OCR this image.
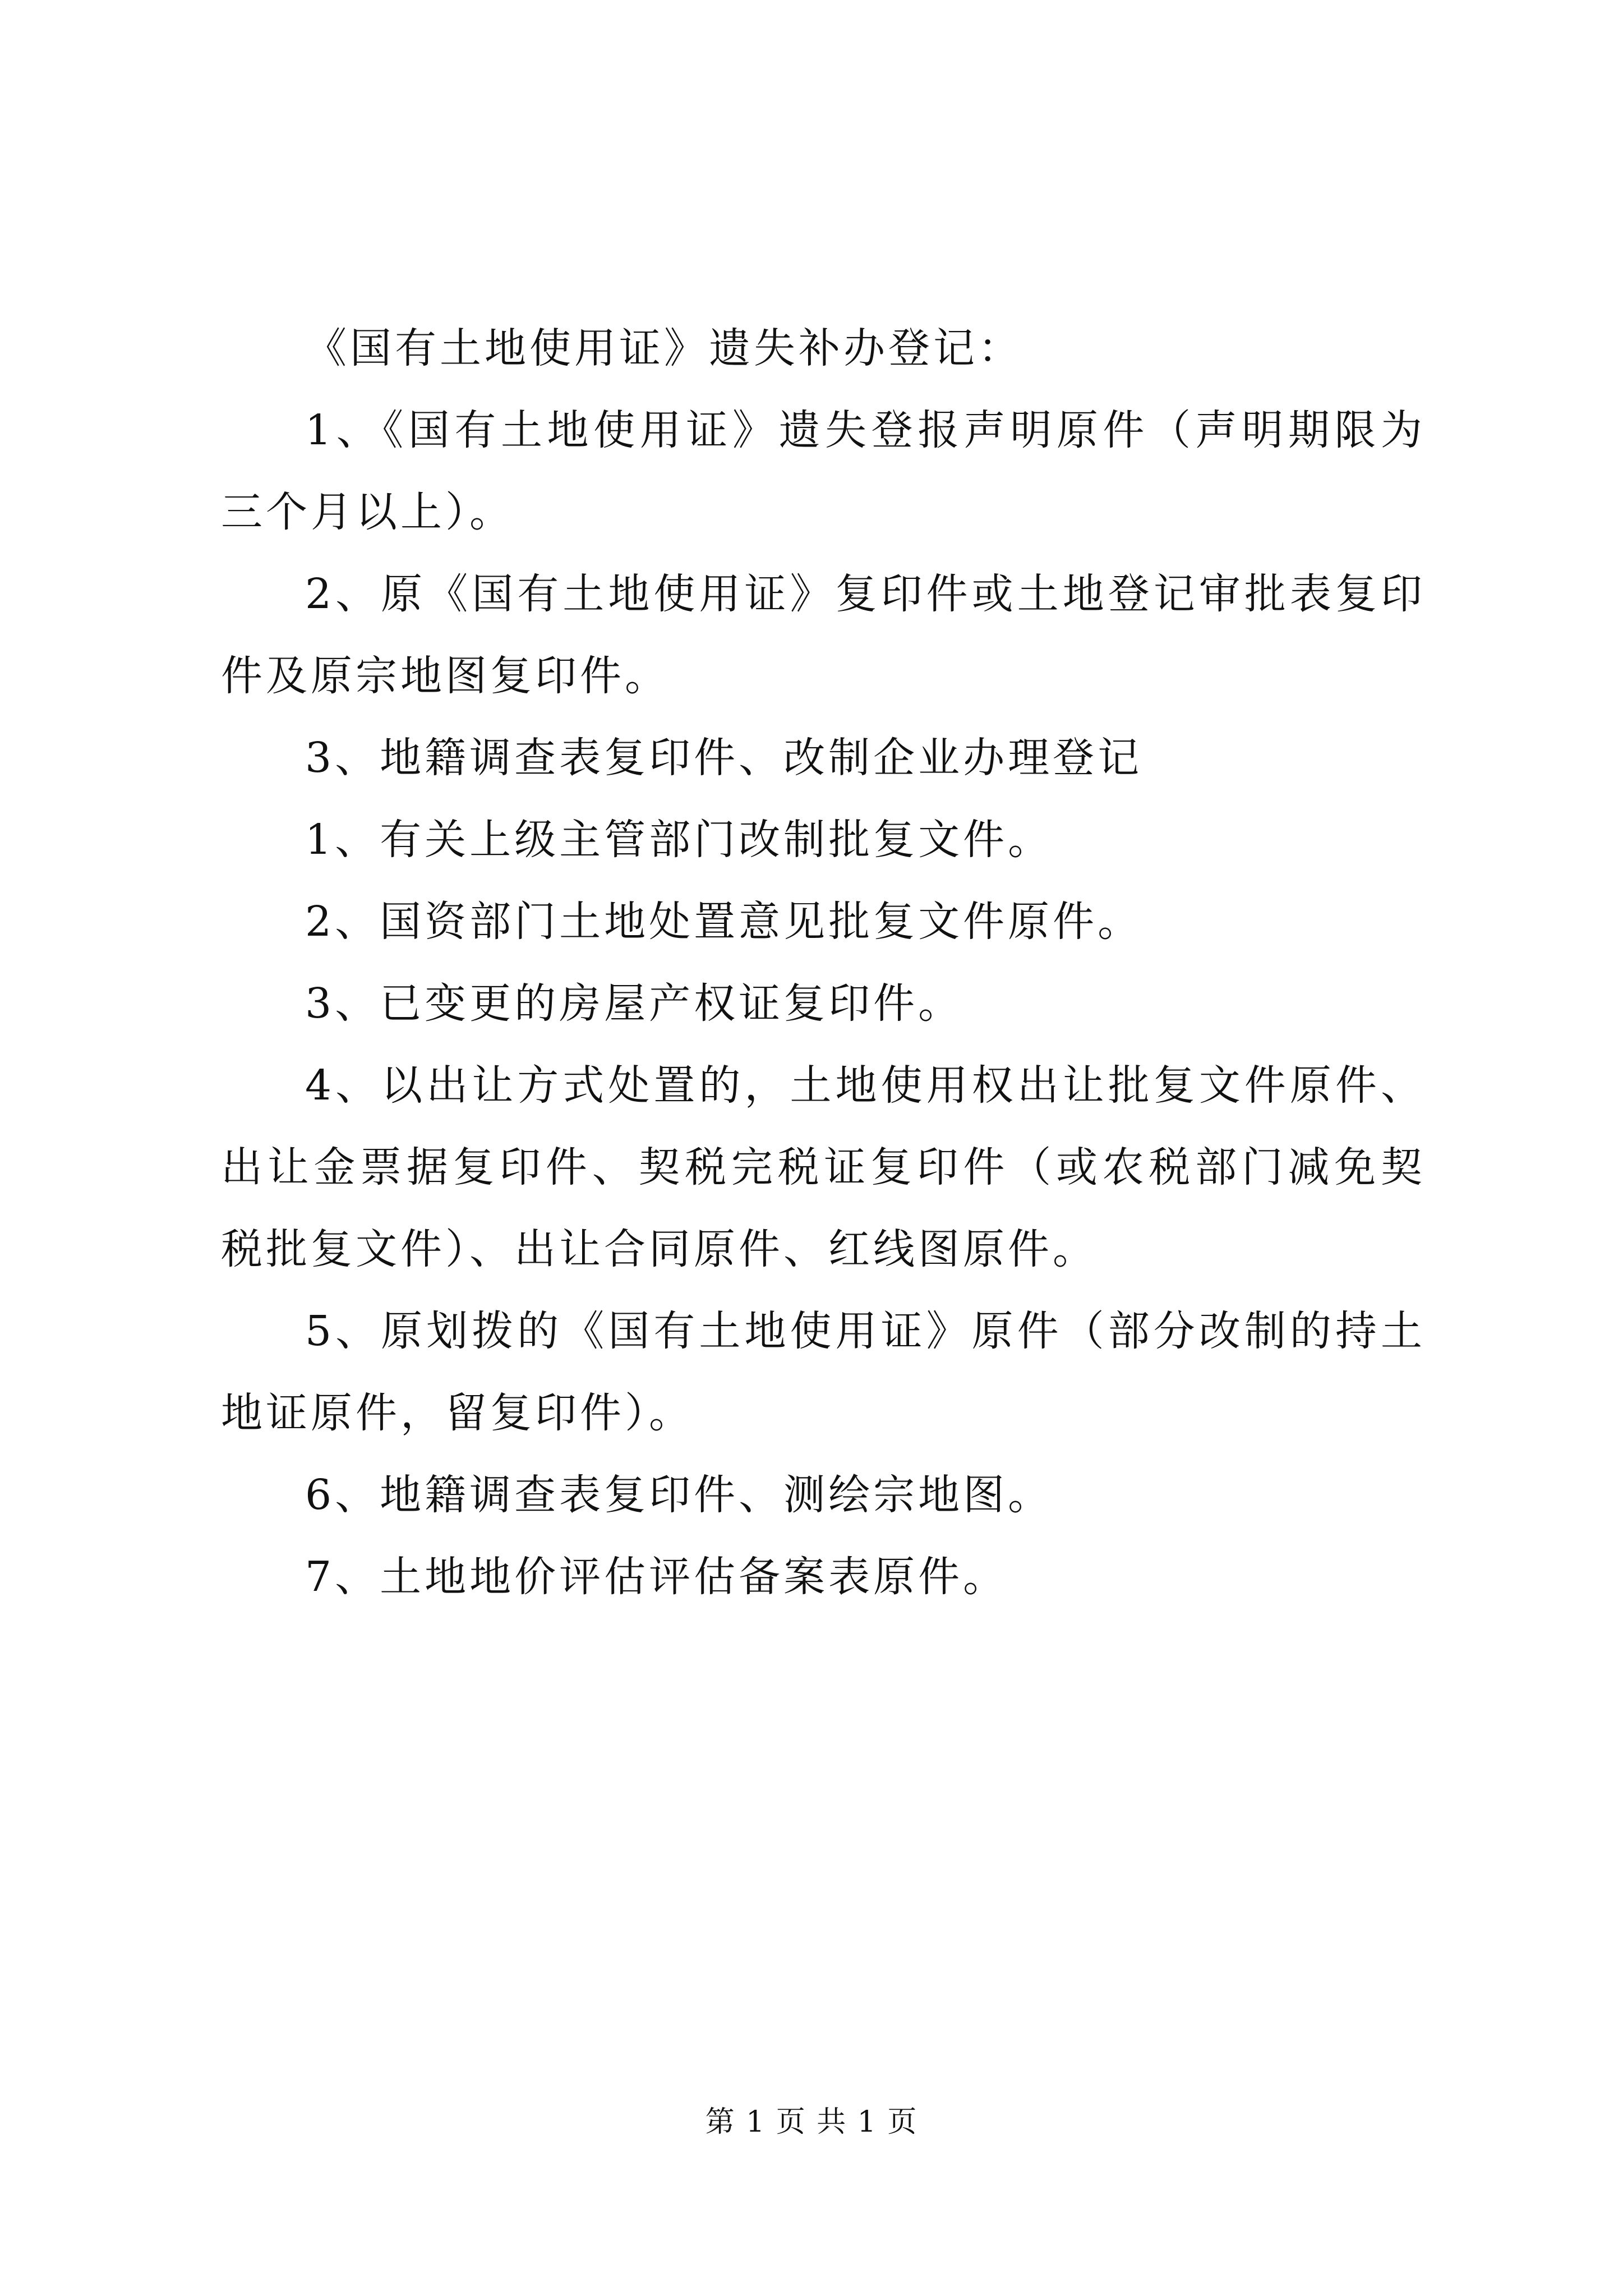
《国有土地使用证》遗失补办登记：

1、《国有土地使用证》遗失登报声明原件（声明期限为三个月以上）。

2、原《国有土地使用证》复印件或土地登记审批表复印件及原宗地图复印件。

3、地籍调查表复印件、改制企业办理登记

1、有关上级主管部门改制批复文件。

2、国资部门土地处置意见批复文件原件。

3、已变更的房屋产权证复印件。

4、以出让方式处置的，土地使用权出让批复文件原件、出让金票据复印件、契税完税证复印件（或农税部门减免契税批复文件）、出让合同原件、红线图原件。

5、原划拨的《国有土地使用证》原件（部分改制的持土地证原件，留复印件）。

6、地籍调查表复印件、测绘宗地图。

7、土地地价评估评估备案表原件。

第 1 页 共 1 页
